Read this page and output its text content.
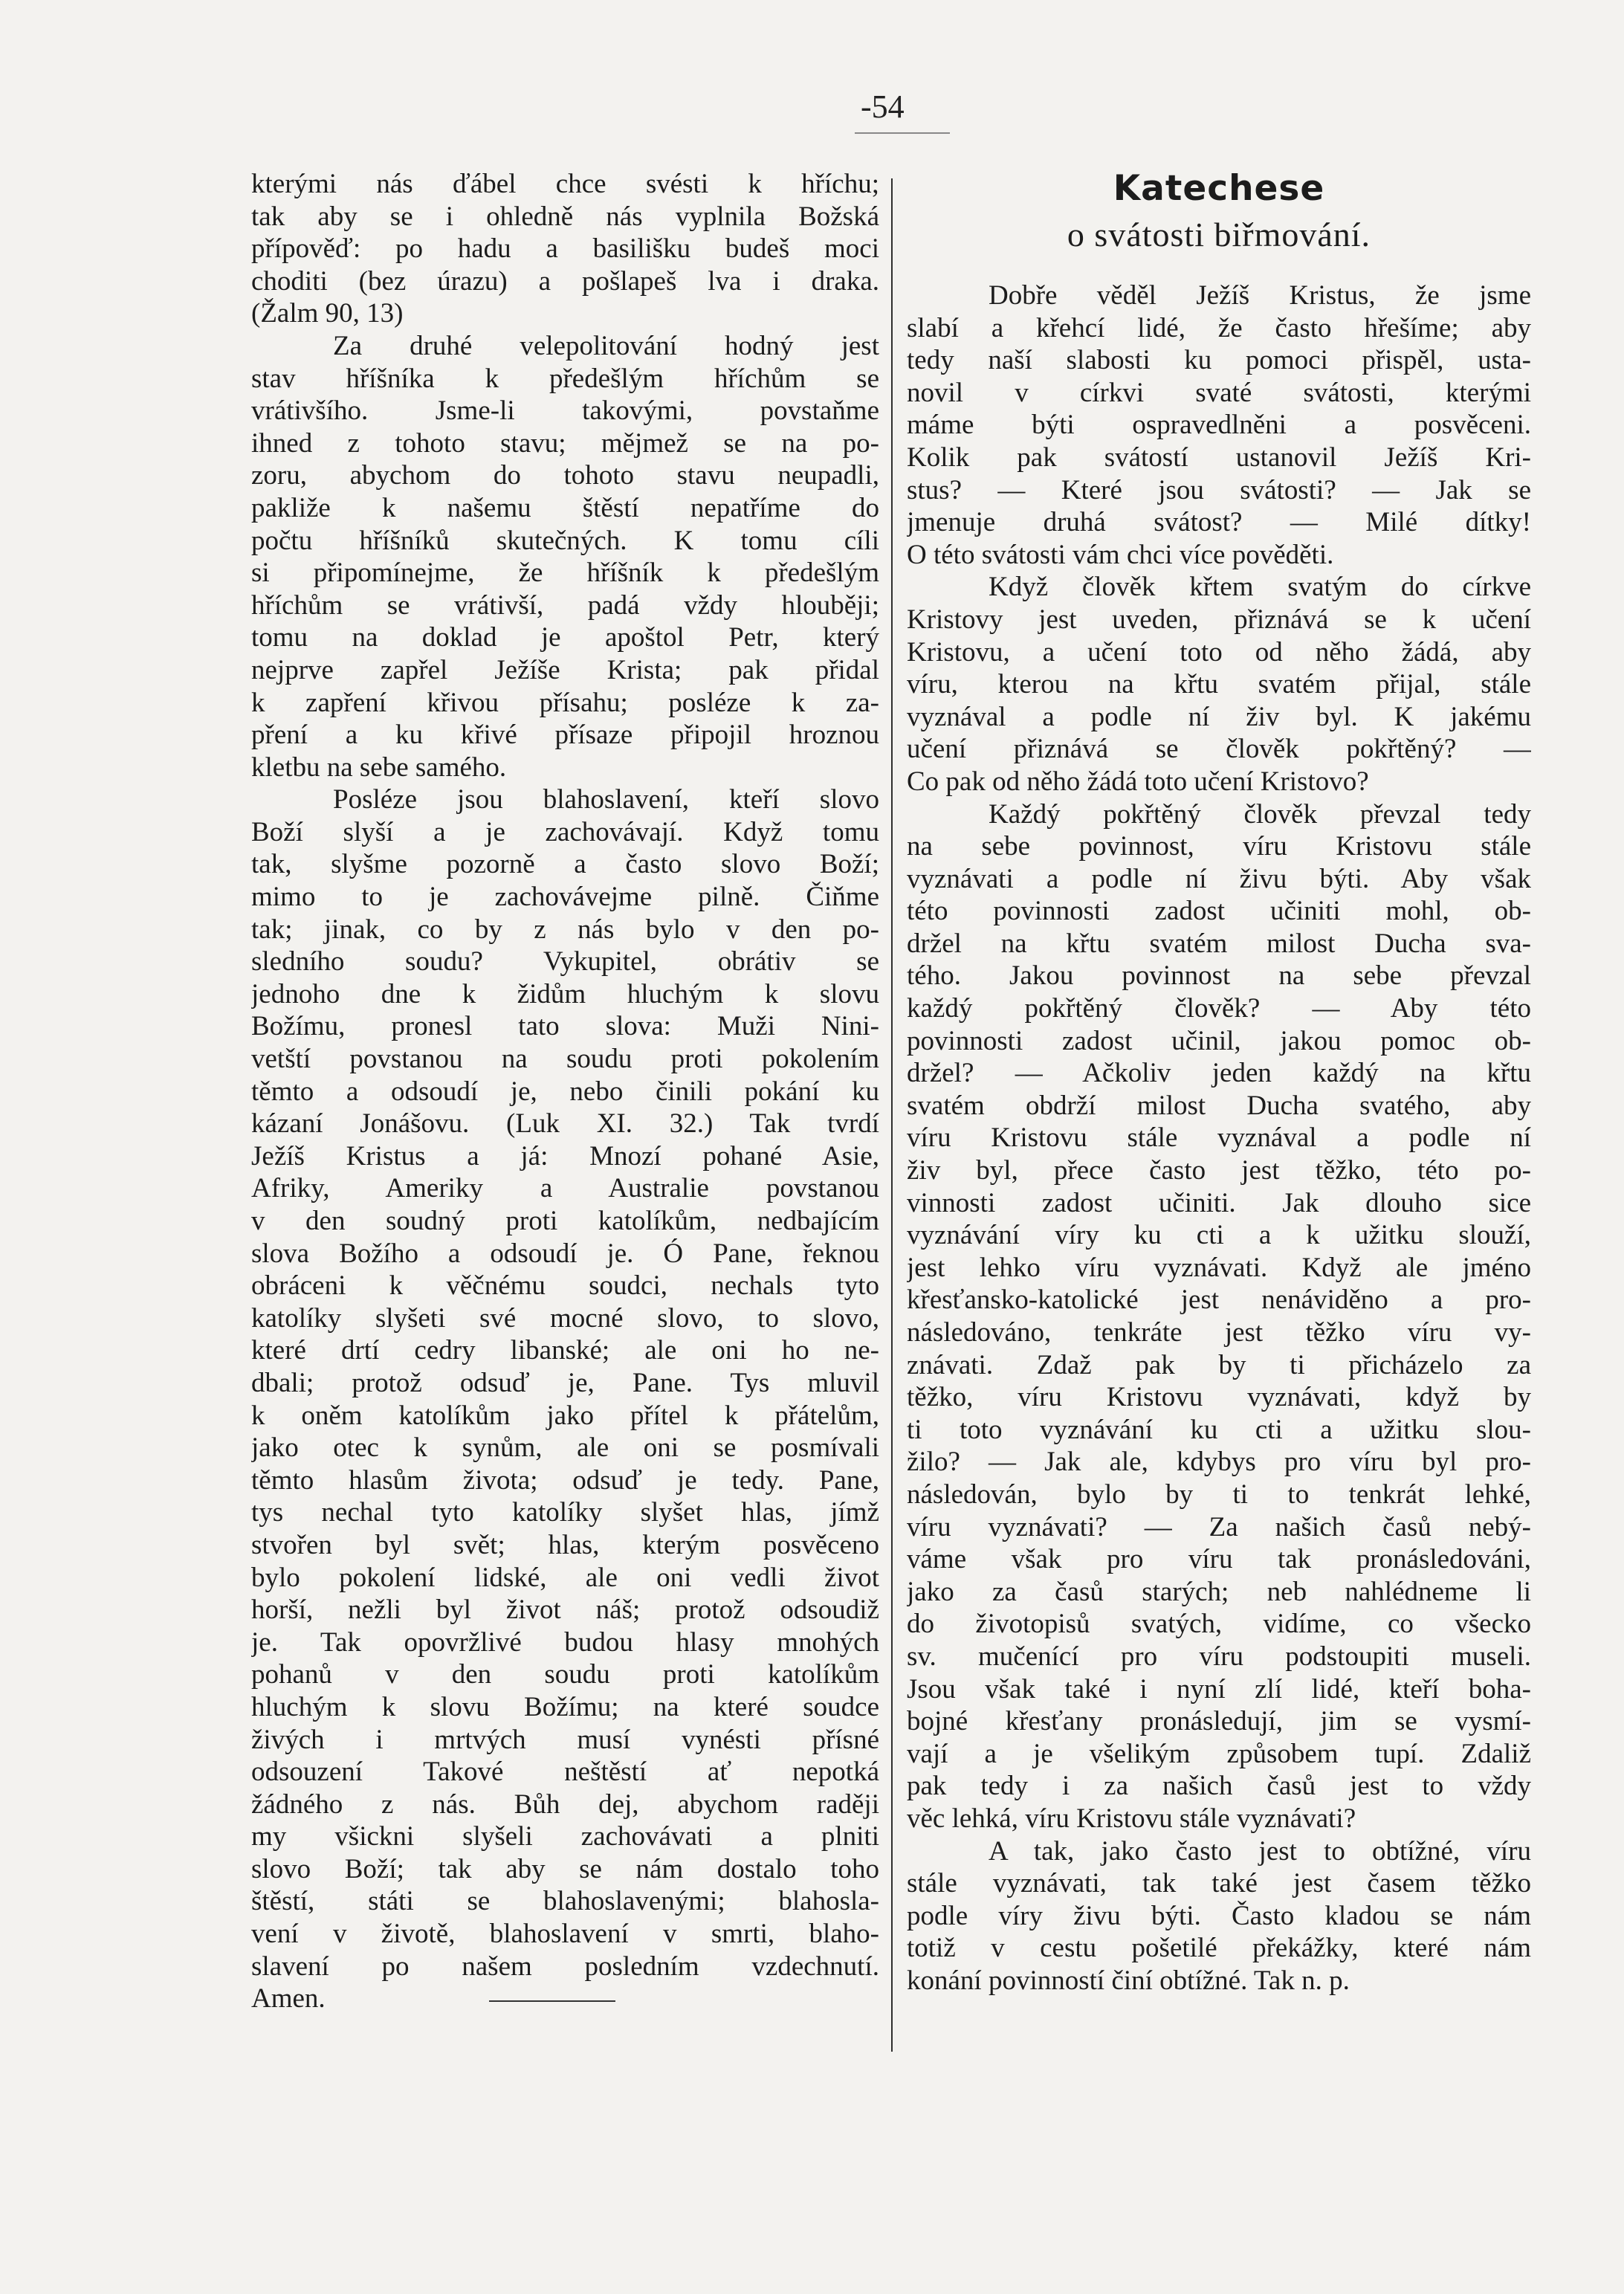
-54
kterými nás ďábel chce svésti k hříchu;
tak aby se i ohledně nás vyplnila Božská
přípověď: po hadu a basilišku budeš moci
choditi (bez úrazu) a pošlapeš lva i draka.
(Žalm 90, 13)
Za druhé velepolitování hodný jest
stav hříšníka k předešlým hříchům se
vrátivšího. Jsme-li takovými, povstaňme
ihned z tohoto stavu; mějmež se na po-
zoru, abychom do tohoto stavu neupadli,
pakliže k našemu štěstí nepatříme do
počtu hříšníků skutečných. K tomu cíli
si připomínejme, že hříšník k předešlým
hříchům se vrátivší, padá vždy hlouběji;
tomu na doklad je apoštol Petr, který
nejprve zapřel Ježíše Krista; pak přidal
k zapření křivou přísahu; posléze k za-
pření a ku křivé přísaze připojil hroznou
kletbu na sebe samého.
Posléze jsou blahoslavení, kteří slovo
Boží slyší a je zachovávají. Když tomu
tak, slyšme pozorně a často slovo Boží;
mimo to je zachovávejme pilně. Čiňme
tak; jinak, co by z nás bylo v den po-
sledního soudu? Vykupitel, obrátiv se
jednoho dne k židům hluchým k slovu
Božímu, pronesl tato slova: Muži Nini-
vetští povstanou na soudu proti pokolením
těmto a odsoudí je, nebo činili pokání ku
kázaní Jonášovu. (Luk XI. 32.) Tak tvrdí
Ježíš Kristus a já: Mnozí pohané Asie,
Afriky, Ameriky a Australie povstanou
v den soudný proti katolíkům, nedbajícím
slova Božího a odsoudí je. Ó Pane, řeknou
obráceni k věčnému soudci, nechals tyto
katolíky slyšeti své mocné slovo, to slovo,
které drtí cedry libanské; ale oni ho ne-
dbali; protož odsuď je, Pane. Tys mluvil
k oněm katolíkům jako přítel k přátelům,
jako otec k synům, ale oni se posmívali
těmto hlasům života; odsuď je tedy. Pane,
tys nechal tyto katolíky slyšet hlas, jímž
stvořen byl svět; hlas, kterým posvěceno
bylo pokolení lidské, ale oni vedli život
horší, nežli byl život náš; protož odsoudiž
je. Tak opovržlivé budou hlasy mnohých
pohanů v den soudu proti katolíkům
hluchým k slovu Božímu; na které soudce
živých i mrtvých musí vynésti přísné
odsouzení Takové neštěstí ať nepotká
žádného z nás. Bůh dej, abychom raději
my všickni slyšeli zachovávati a plniti
slovo Boží; tak aby se nám dostalo toho
štěstí, státi se blahoslavenými; blahosla-
vení v životě, blahoslavení v smrti, blaho-
slavení po našem posledním vzdechnutí.
Amen.
Katechese
o svátosti biřmování.
Dobře věděl Ježíš Kristus, že jsme
slabí a křehcí lidé, že často hřešíme; aby
tedy naší slabosti ku pomoci přispěl, usta-
novil v církvi svaté svátosti, kterými
máme býti ospravedlněni a posvěceni.
Kolik pak svátostí ustanovil Ježíš Kri-
stus? — Které jsou svátosti? — Jak se
jmenuje druhá svátost? — Milé dítky!
O této svátosti vám chci více pověděti.
Když člověk křtem svatým do církve
Kristovy jest uveden, přiznává se k učení
Kristovu, a učení toto od něho žádá, aby
víru, kterou na křtu svatém přijal, stále
vyznával a podle ní živ byl. K jakému
učení přiznává se člověk pokřtěný? —
Co pak od něho žádá toto učení Kristovo?
Každý pokřtěný člověk převzal tedy
na sebe povinnost, víru Kristovu stále
vyznávati a podle ní živu býti. Aby však
této povinnosti zadost učiniti mohl, ob-
držel na křtu svatém milost Ducha sva-
tého. Jakou povinnost na sebe převzal
každý pokřtěný člověk? — Aby této
povinnosti zadost učinil, jakou pomoc ob-
držel? — Ačkoliv jeden každý na křtu
svatém obdrží milost Ducha svatého, aby
víru Kristovu stále vyznával a podle ní
živ byl, přece často jest těžko, této po-
vinnosti zadost učiniti. Jak dlouho sice
vyznávání víry ku cti a k užitku slouží,
jest lehko víru vyznávati. Když ale jméno
křesťansko-katolické jest nenáviděno a pro-
následováno, tenkráte jest těžko víru vy-
znávati. Zdaž pak by ti přicházelo za
těžko, víru Kristovu vyznávati, když by
ti toto vyznávání ku cti a užitku slou-
žilo? — Jak ale, kdybys pro víru byl pro-
následován, bylo by ti to tenkrát lehké,
víru vyznávati? — Za našich časů nebý-
váme však pro víru tak pronásledováni,
jako za časů starých; neb nahlédneme li
do životopisů svatých, vidíme, co všecko
sv. mučenící pro víru podstoupiti museli.
Jsou však také i nyní zlí lidé, kteří boha-
bojné křesťany pronásledují, jim se vysmí-
vají a je všelikým způsobem tupí. Zdaliž
pak tedy i za našich časů jest to vždy
věc lehká, víru Kristovu stále vyznávati?
A tak, jako často jest to obtížné, víru
stále vyznávati, tak také jest časem těžko
podle víry živu býti. Často kladou se nám
totiž v cestu pošetilé překážky, které nám
konání povinností činí obtížné. Tak n. p.
